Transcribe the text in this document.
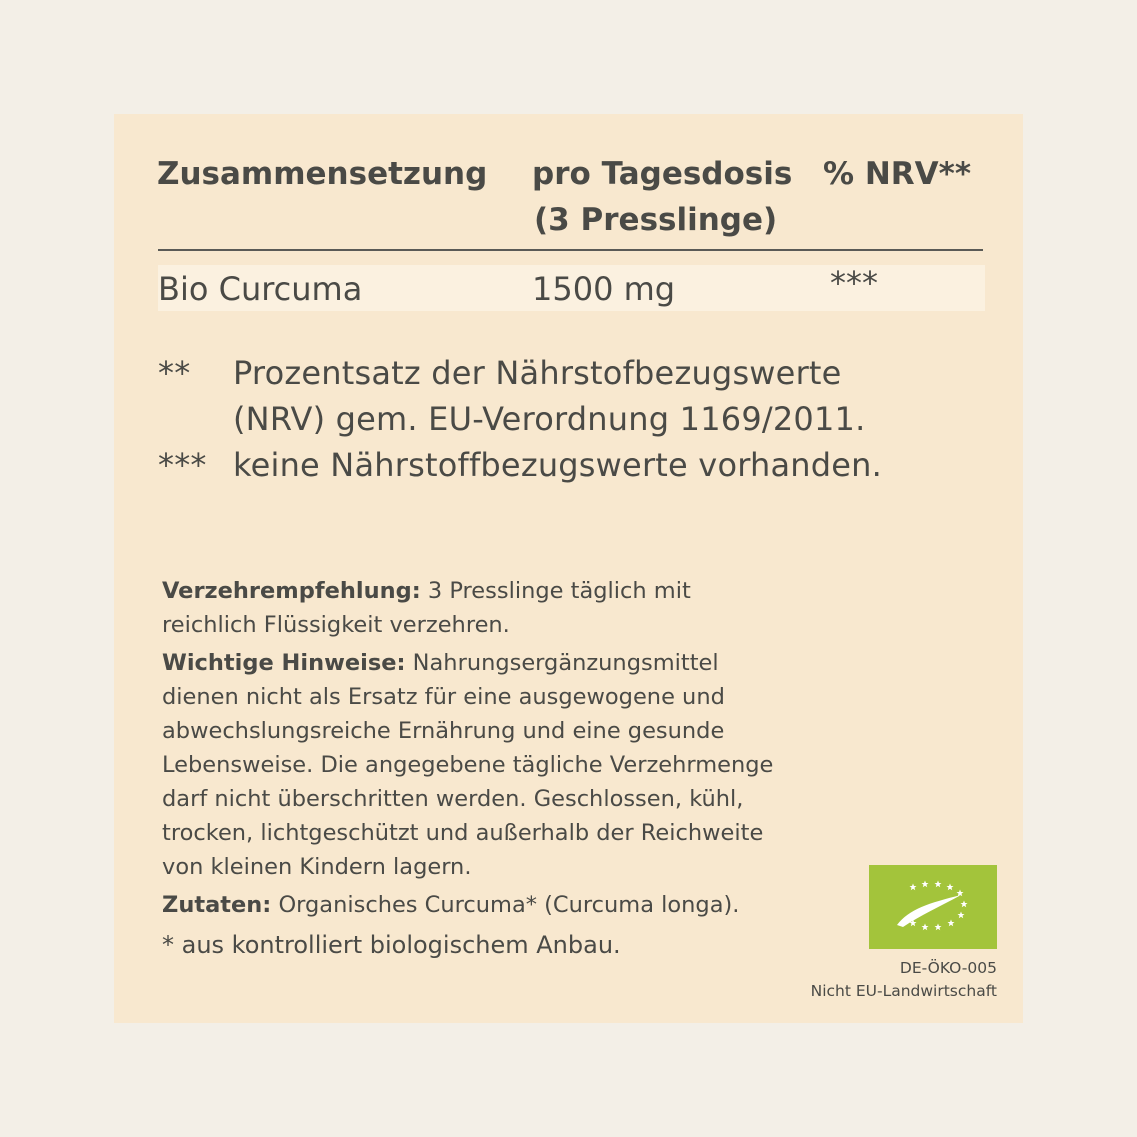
Zusammensetzung pro Tagesdosis
(3 Presslinge)
% NRV**
Bio Curcuma	1500 mg	***
** Prozentsatz der Nährstofbezugswerte
(NRV) gem. EU-Verordnung 1169/2011.
*** keine Nährstoffbezugswerte vorhanden.

Verzehrempfehlung: 3 Presslinge täglich mit reichlich Flüssigkeit verzehren.

Wichtige Hinweise: Nahrungsergänzungsmittel dienen nicht als Ersatz für eine ausgewogene und abwechslungsreiche Ernährung und eine gesunde Lebensweise. Die angegebene tägliche Verzehrmenge darf nicht überschritten werden. Geschlossen, kühl, trocken, lichtgeschützt und außerhalb der Reichweite von kleinen Kindern lagern.

Zutaten: Organisches Curcuma* (Curcuma longa).

* aus kontrolliert biologischem Anbau.

DE-ÖKO-005
Nicht EU-Landwirtschaft
